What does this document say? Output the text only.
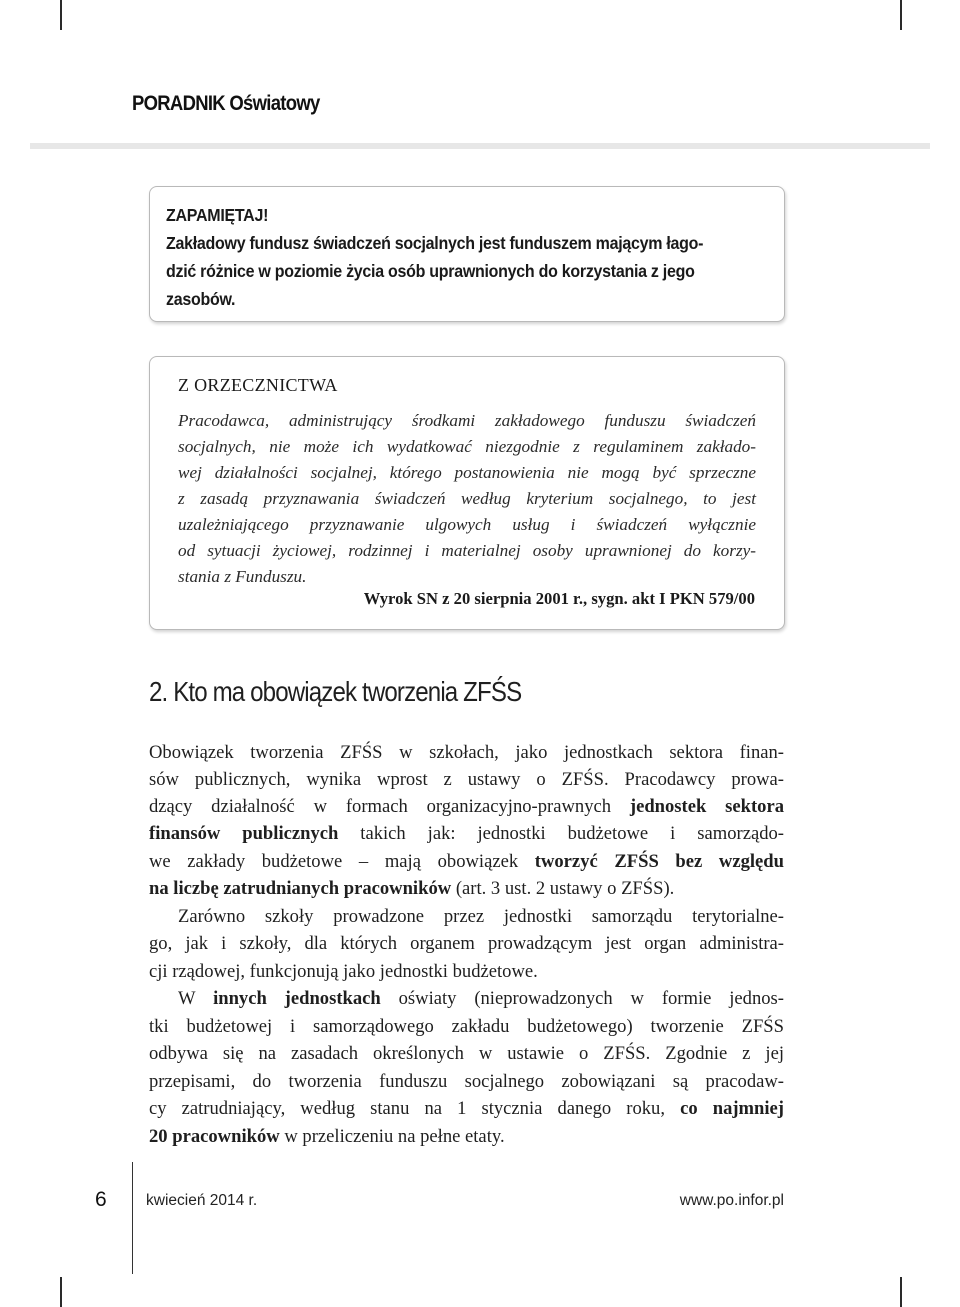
PORADNIK Oświatowy
ZAPAMIĘTAJ!
Zakładowy fundusz świadczeń socjalnych jest funduszem mającym łago-
dzić różnice w poziomie życia osób uprawnionych do korzystania z jego
zasobów.
Z ORZECZNICTWA
Pracodawca, administrujący środkami zakładowego funduszu świadczeń
socjalnych, nie może ich wydatkować niezgodnie z regulaminem zakłado-
wej działalności socjalnej, którego postanowienia nie mogą być sprzeczne
z zasadą przyznawania świadczeń według kryterium socjalnego, to jest
uzależniającego przyznawanie ulgowych usług i świadczeń wyłącznie
od sytuacji życiowej, rodzinnej i materialnej osoby uprawnionej do korzy-
stania z Funduszu.
Wyrok SN z 20 sierpnia 2001 r., sygn. akt I PKN 579/00
2. Kto ma obowiązek tworzenia ZFŚS
Obowiązek tworzenia ZFŚS w szkołach, jako jednostkach sektora finan-
sów publicznych, wynika wprost z ustawy o ZFŚS. Pracodawcy prowa-
dzący działalność w formach organizacyjno-prawnych jednostek sektora
finansów publicznych takich jak: jednostki budżetowe i samorządo-
we zakłady budżetowe – mają obowiązek tworzyć ZFŚS bez względu
na liczbę zatrudnianych pracowników (art. 3 ust. 2 ustawy o ZFŚS).
Zarówno szkoły prowadzone przez jednostki samorządu terytorialne-
go, jak i szkoły, dla których organem prowadzącym jest organ administra-
cji rządowej, funkcjonują jako jednostki budżetowe.
W innych jednostkach oświaty (nieprowadzonych w formie jednos-
tki budżetowej i samorządowego zakładu budżetowego) tworzenie ZFŚS
odbywa się na zasadach określonych w ustawie o ZFŚS. Zgodnie z jej
przepisami, do tworzenia funduszu socjalnego zobowiązani są pracodaw-
cy zatrudniający, według stanu na 1 stycznia danego roku, co najmniej
20 pracowników w przeliczeniu na pełne etaty.
6	kwiecień 2014 r.	www.po.infor.pl
